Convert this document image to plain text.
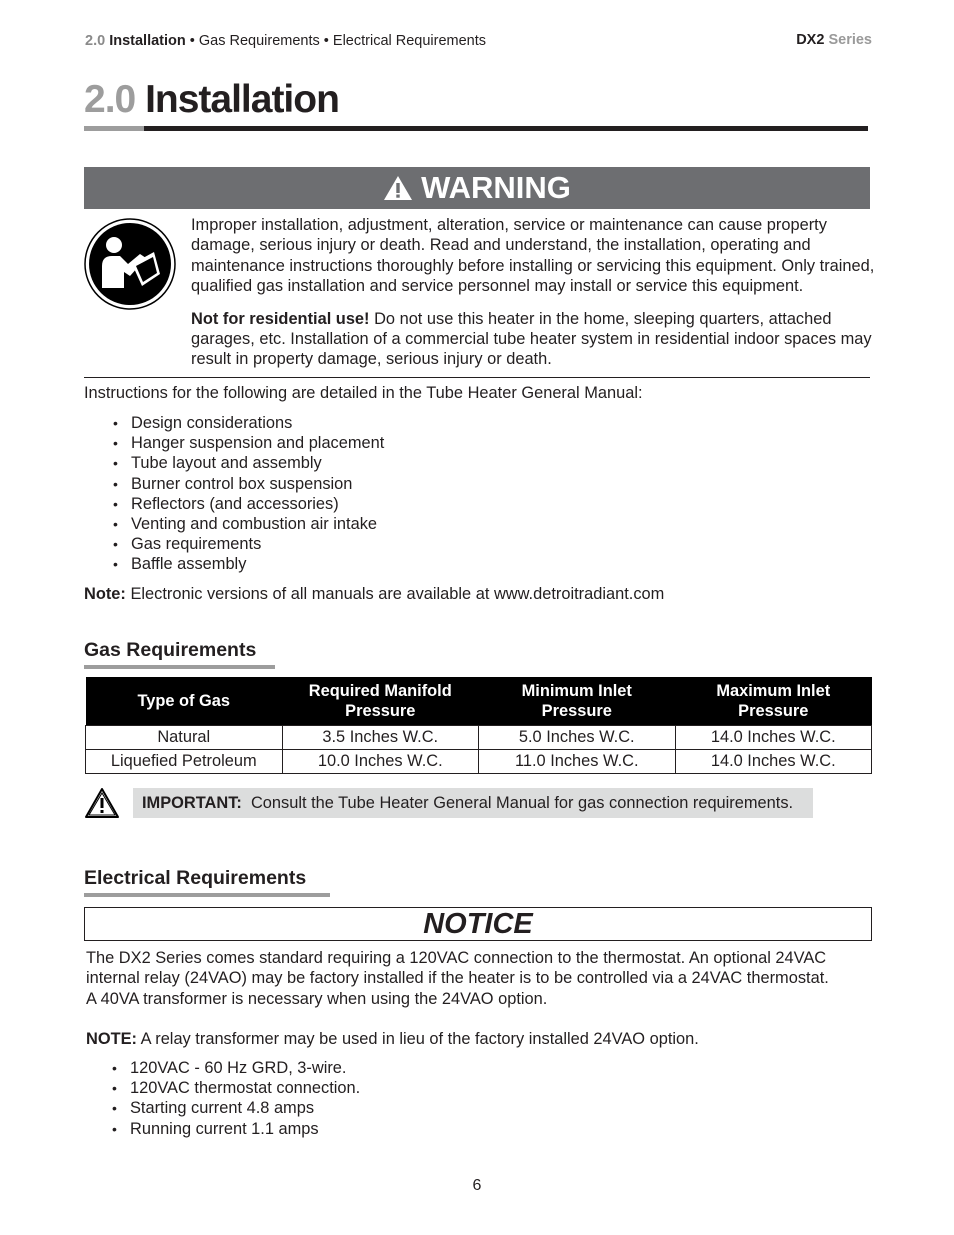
2.0 Installation • Gas Requirements • Electrical Requirements	DX2 Series
2.0 Installation
WARNING

Improper installation, adjustment, alteration, service or maintenance can cause property damage, serious injury or death. Read and understand, the installation, operating and maintenance instructions thoroughly before installing or servicing this equipment. Only trained, qualified gas installation and service personnel may install or service this equipment.

Not for residential use! Do not use this heater in the home, sleeping quarters, attached garages, etc. Installation of a commercial tube heater system in residential indoor spaces may result in property damage, serious injury or death.

Instructions for the following are detailed in the Tube Heater General Manual:
• Design considerations
• Hanger suspension and placement
• Tube layout and assembly
• Burner control box suspension
• Reflectors (and accessories)
• Venting and combustion air intake
• Gas requirements
• Baffle assembly
Note: Electronic versions of all manuals are available at www.detroitradiant.com
Gas Requirements
Type of Gas	Required Manifold Pressure	Minimum Inlet Pressure	Maximum Inlet Pressure
Natural	3.5 Inches W.C.	5.0 Inches W.C.	14.0 Inches W.C.
Liquefied Petroleum	10.0 Inches W.C.	11.0 Inches W.C.	14.0 Inches W.C.
IMPORTANT: Consult the Tube Heater General Manual for gas connection requirements.
Electrical Requirements
NOTICE

The DX2 Series comes standard requiring a 120VAC connection to the thermostat. An optional 24VAC

internal relay (24VAO) may be factory installed if the heater is to be controlled via a 24VAC thermostat.

A 40VA transformer is necessary when using the 24VAO option.

NOTE: A relay transformer may be used in lieu of the factory installed 24VAO option.
• 120VAC - 60 Hz GRD, 3-wire.
• 120VAC thermostat connection.
• Starting current 4.8 amps
• Running current 1.1 amps
6
